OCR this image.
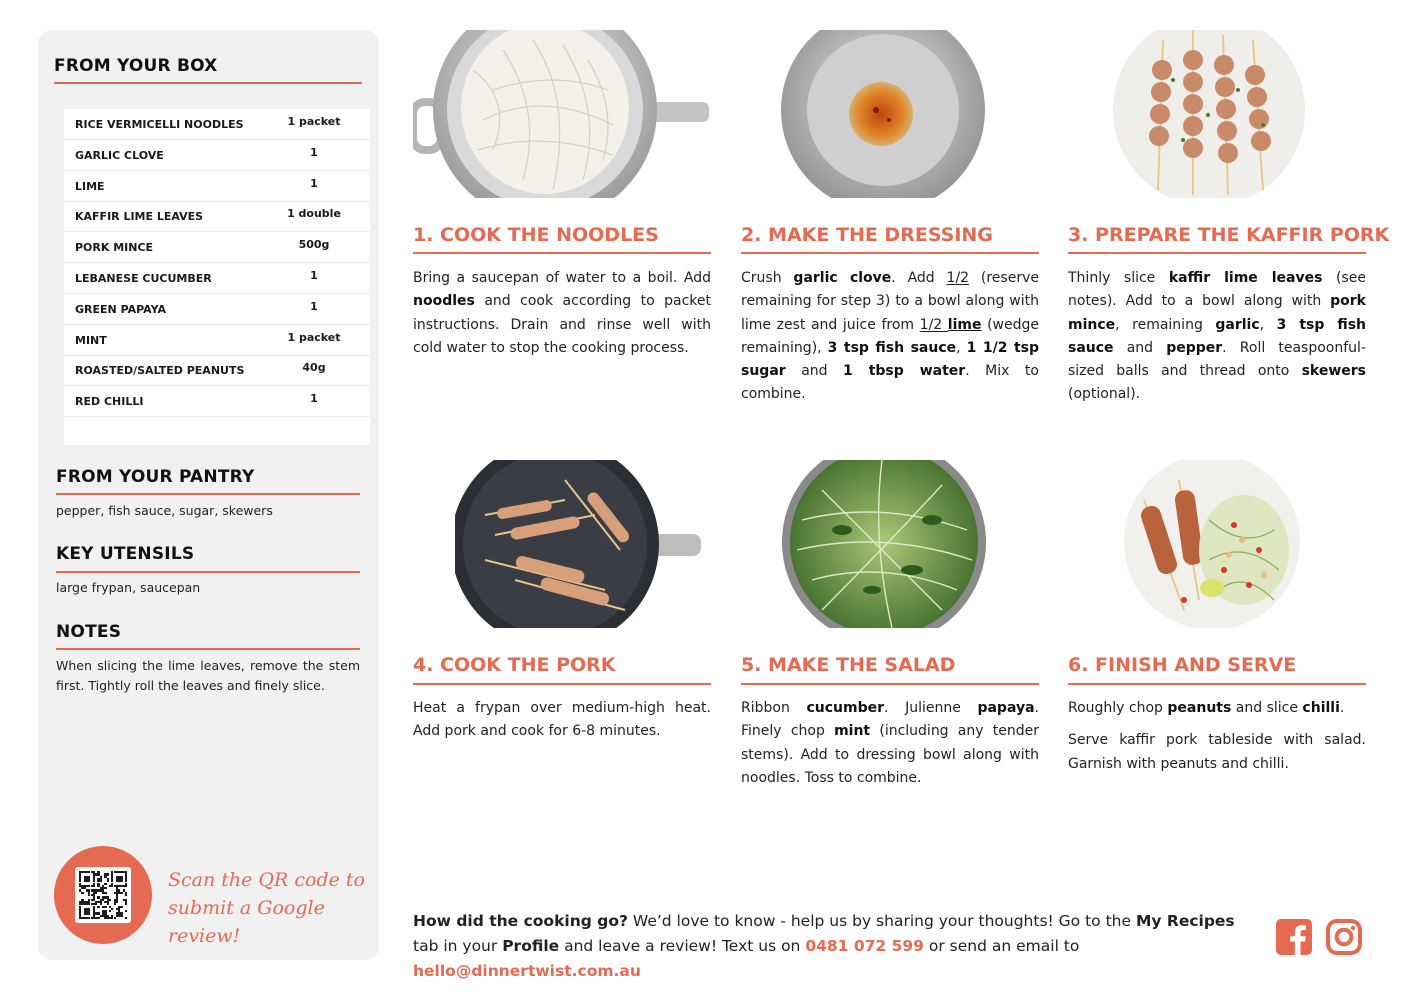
FROM YOUR BOX
RICE VERMICELLI NOODLES	1 packet
GARLIC CLOVE	1
LIME	1
KAFFIR LIME LEAVES	1 double
PORK MINCE	500g
LEBANESE CUCUMBER	1
GREEN PAPAYA	1
MINT	1 packet
ROASTED/SALTED PEANUTS	40g
RED CHILLI	1
FROM YOUR PANTRY
pepper, fish sauce, sugar, skewers
KEY UTENSILS
large frypan, saucepan
NOTES
When slicing the lime leaves, remove the stem first. Tightly roll the leaves and finely slice.
Scan the QR code to
submit a Google review!
1. COOK THE NOODLES

Bring a saucepan of water to a boil. Add noodles and cook according to packet instructions. Drain and rinse well with cold water to stop the cooking process.

2. MAKE THE DRESSING

Crush garlic clove. Add 1/2 (reserve remaining for step 3) to a bowl along with lime zest and juice from 1/2 lime (wedge remaining), 3 tsp fish sauce, 1 1/2 tsp sugar and 1 tbsp water. Mix to combine.

3. PREPARE THE KAFFIR PORK

Thinly slice kaffir lime leaves (see notes). Add to a bowl along with pork mince, remaining garlic, 3 tsp fish sauce and pepper. Roll teaspoonful-sized balls and thread onto skewers (optional).

4. COOK THE PORK

Heat a frypan over medium-high heat. Add pork and cook for 6-8 minutes.

5. MAKE THE SALAD

Ribbon cucumber. Julienne papaya. Finely chop mint (including any tender stems). Add to dressing bowl along with noodles. Toss to combine.

6. FINISH AND SERVE

Roughly chop peanuts and slice chilli.

Serve kaffir pork tableside with salad. Garnish with peanuts and chilli.

How did the cooking go? We’d love to know - help us by sharing your thoughts! Go to the My Recipes tab in your Profile and leave a review! Text us on 0481 072 599 or send an email to hello@dinnertwist.com.au
